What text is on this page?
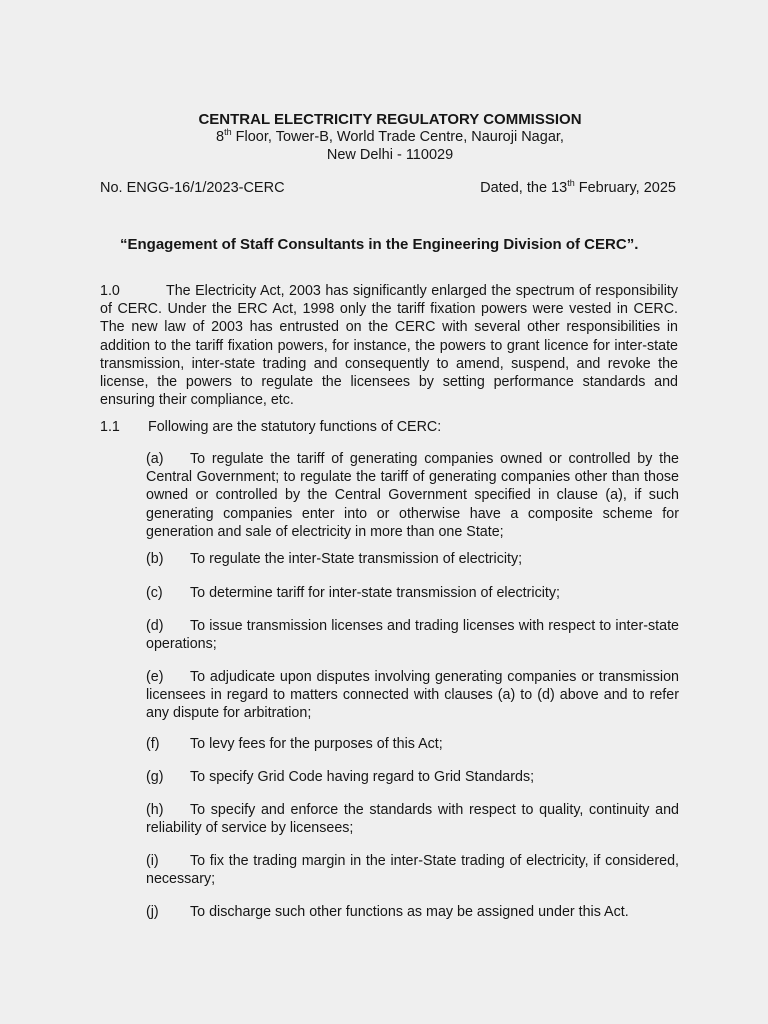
CENTRAL ELECTRICITY REGULATORY COMMISSION
8th Floor, Tower-B, World Trade Centre, Nauroji Nagar,
New Delhi - 110029
No. ENGG-16/1/2023-CERC	Dated, the 13th February, 2025
“Engagement of Staff Consultants in the Engineering Division of CERC”.
1.0	The Electricity Act, 2003 has significantly enlarged the spectrum of responsibility of CERC. Under the ERC Act, 1998 only the tariff fixation powers were vested in CERC. The new law of 2003 has entrusted on the CERC with several other responsibilities in addition to the tariff fixation powers, for instance, the powers to grant licence for inter-state transmission, inter-state trading and consequently to amend, suspend, and revoke the license, the powers to regulate the licensees by setting performance standards and ensuring their compliance, etc.
1.1 Following are the statutory functions of CERC:
(a) To regulate the tariff of generating companies owned or controlled by the Central Government; to regulate the tariff of generating companies other than those owned or controlled by the Central Government specified in clause (a), if such generating companies enter into or otherwise have a composite scheme for generation and sale of electricity in more than one State;
(b) To regulate the inter-State transmission of electricity;
(c) To determine tariff for inter-state transmission of electricity;
(d) To issue transmission licenses and trading licenses with respect to inter-state operations;
(e) To adjudicate upon disputes involving generating companies or transmission licensees in regard to matters connected with clauses (a) to (d) above and to refer any dispute for arbitration;
(f) To levy fees for the purposes of this Act;
(g) To specify Grid Code having regard to Grid Standards;
(h) To specify and enforce the standards with respect to quality, continuity and reliability of service by licensees;
(i) To fix the trading margin in the inter-State trading of electricity, if considered, necessary;
(j) To discharge such other functions as may be assigned under this Act.
